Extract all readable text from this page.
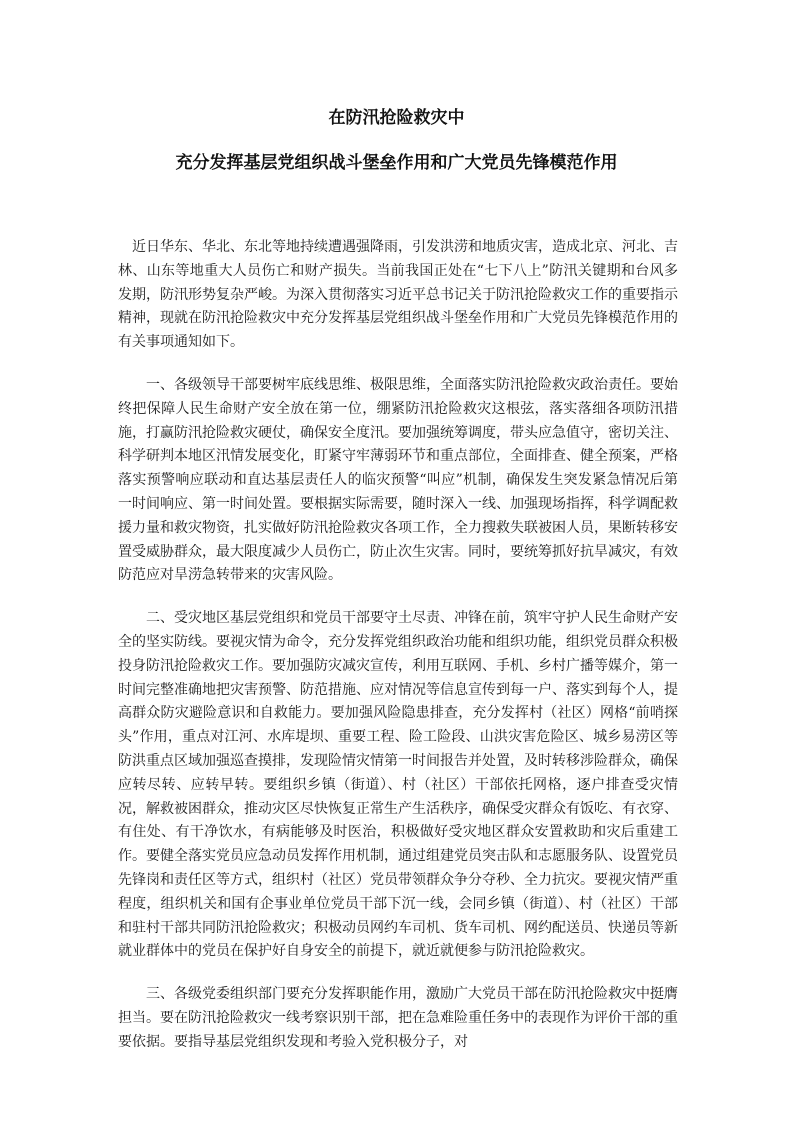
在防汛抢险救灾中
充分发挥基层党组织战斗堡垒作用和广大党员先锋模范作用

近日华东、华北、东北等地持续遭遇强降雨，引发洪涝和地质灾害，造成北京、河北、吉林、山东等地重大人员伤亡和财产损失。当前我国正处在“七下八上”防汛关键期和台风多发期，防汛形势复杂严峻。为深入贯彻落实习近平总书记关于防汛抢险救灾工作的重要指示精神，现就在防汛抢险救灾中充分发挥基层党组织战斗堡垒作用和广大党员先锋模范作用的有关事项通知如下。

一、各级领导干部要树牢底线思维、极限思维，全面落实防汛抢险救灾政治责任。要始终把保障人民生命财产安全放在第一位，绷紧防汛抢险救灾这根弦，落实落细各项防汛措施，打赢防汛抢险救灾硬仗，确保安全度汛。要加强统筹调度，带头应急值守，密切关注、科学研判本地区汛情发展变化，盯紧守牢薄弱环节和重点部位，全面排查、健全预案，严格落实预警响应联动和直达基层责任人的临灾预警“叫应”机制，确保发生突发紧急情况后第一时间响应、第一时间处置。要根据实际需要，随时深入一线、加强现场指挥，科学调配救援力量和救灾物资，扎实做好防汛抢险救灾各项工作，全力搜救失联被困人员，果断转移安置受威胁群众，最大限度减少人员伤亡，防止次生灾害。同时，要统筹抓好抗旱减灾，有效防范应对旱涝急转带来的灾害风险。

二、受灾地区基层党组织和党员干部要守土尽责、冲锋在前，筑牢守护人民生命财产安全的坚实防线。要视灾情为命令，充分发挥党组织政治功能和组织功能，组织党员群众积极投身防汛抢险救灾工作。要加强防灾减灾宣传，利用互联网、手机、乡村广播等媒介，第一时间完整准确地把灾害预警、防范措施、应对情况等信息宣传到每一户、落实到每个人，提高群众防灾避险意识和自救能力。要加强风险隐患排查，充分发挥村（社区）网格“前哨探头”作用，重点对江河、水库堤坝、重要工程、险工险段、山洪灾害危险区、城乡易涝区等防洪重点区域加强巡查摸排，发现险情灾情第一时间报告并处置，及时转移涉险群众，确保应转尽转、应转早转。要组织乡镇（街道）、村（社区）干部依托网格，逐户排查受灾情况，解救被困群众，推动灾区尽快恢复正常生产生活秩序，确保受灾群众有饭吃、有衣穿、有住处、有干净饮水，有病能够及时医治，积极做好受灾地区群众安置救助和灾后重建工作。要健全落实党员应急动员发挥作用机制，通过组建党员突击队和志愿服务队、设置党员先锋岗和责任区等方式，组织村（社区）党员带领群众争分夺秒、全力抗灾。要视灾情严重程度，组织机关和国有企事业单位党员干部下沉一线，会同乡镇（街道）、村（社区）干部和驻村干部共同防汛抢险救灾；积极动员网约车司机、货车司机、网约配送员、快递员等新就业群体中的党员在保护好自身安全的前提下，就近就便参与防汛抢险救灾。

三、各级党委组织部门要充分发挥职能作用，激励广大党员干部在防汛抢险救灾中挺膺担当。要在防汛抢险救灾一线考察识别干部，把在急难险重任务中的表现作为评价干部的重要依据。要指导基层党组织发现和考验入党积极分子，对
